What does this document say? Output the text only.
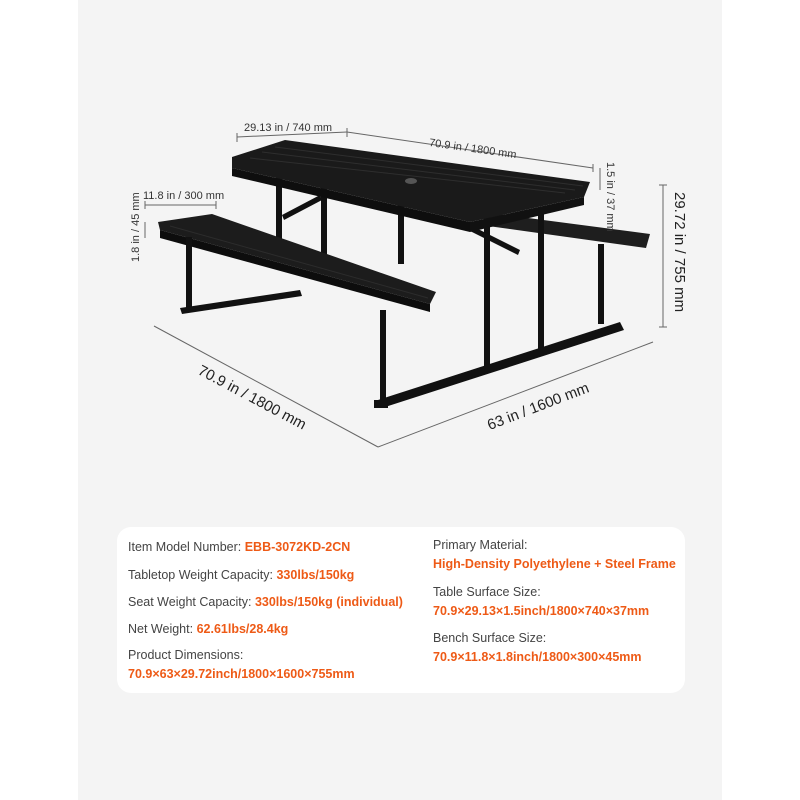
29.13 in / 740 mm
70.9 in / 1800 mm
1.5 in / 37 mm	29.72 in / 755 mm
11.8 in / 300 mm
1.8 in / 45 mm
70.9 in / 1800 mm	63 in / 1600 mm
Item Model Number: EBB-3072KD-2CN
Tabletop Weight Capacity: 330lbs/150kg
Seat Weight Capacity: 330lbs/150kg (individual)
Net Weight: 62.61lbs/28.4kg
Product Dimensions:
70.9×63×29.72inch/1800×1600×755mm
Primary Material:
High-Density Polyethylene + Steel Frame
Table Surface Size:
70.9×29.13×1.5inch/1800×740×37mm
Bench Surface Size:
70.9×11.8×1.8inch/1800×300×45mm
